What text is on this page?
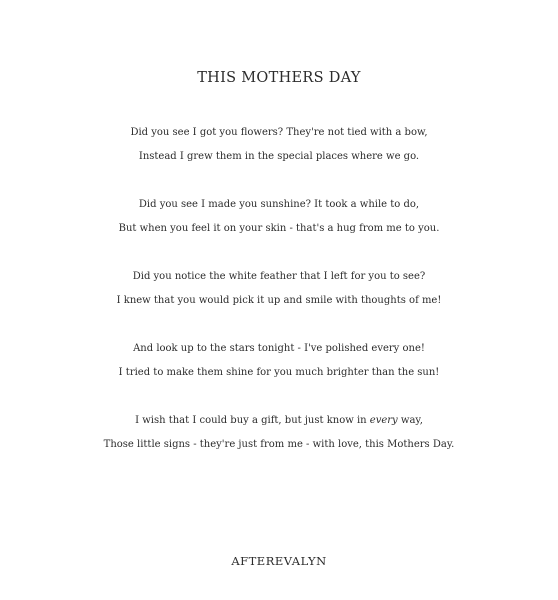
THIS MOTHERS DAY
Did you see I got you flowers? They're not tied with a bow,
Instead I grew them in the special places where we go.
Did you see I made you sunshine? It took a while to do,
But when you feel it on your skin - that's a hug from me to you.
Did you notice the white feather that I left for you to see?
I knew that you would pick it up and smile with thoughts of me!
And look up to the stars tonight - I've polished every one!
I tried to make them shine for you much brighter than the sun!
I wish that I could buy a gift, but just know in every way,
Those little signs - they're just from me - with love, this Mothers Day.
AFTEREVALYN
